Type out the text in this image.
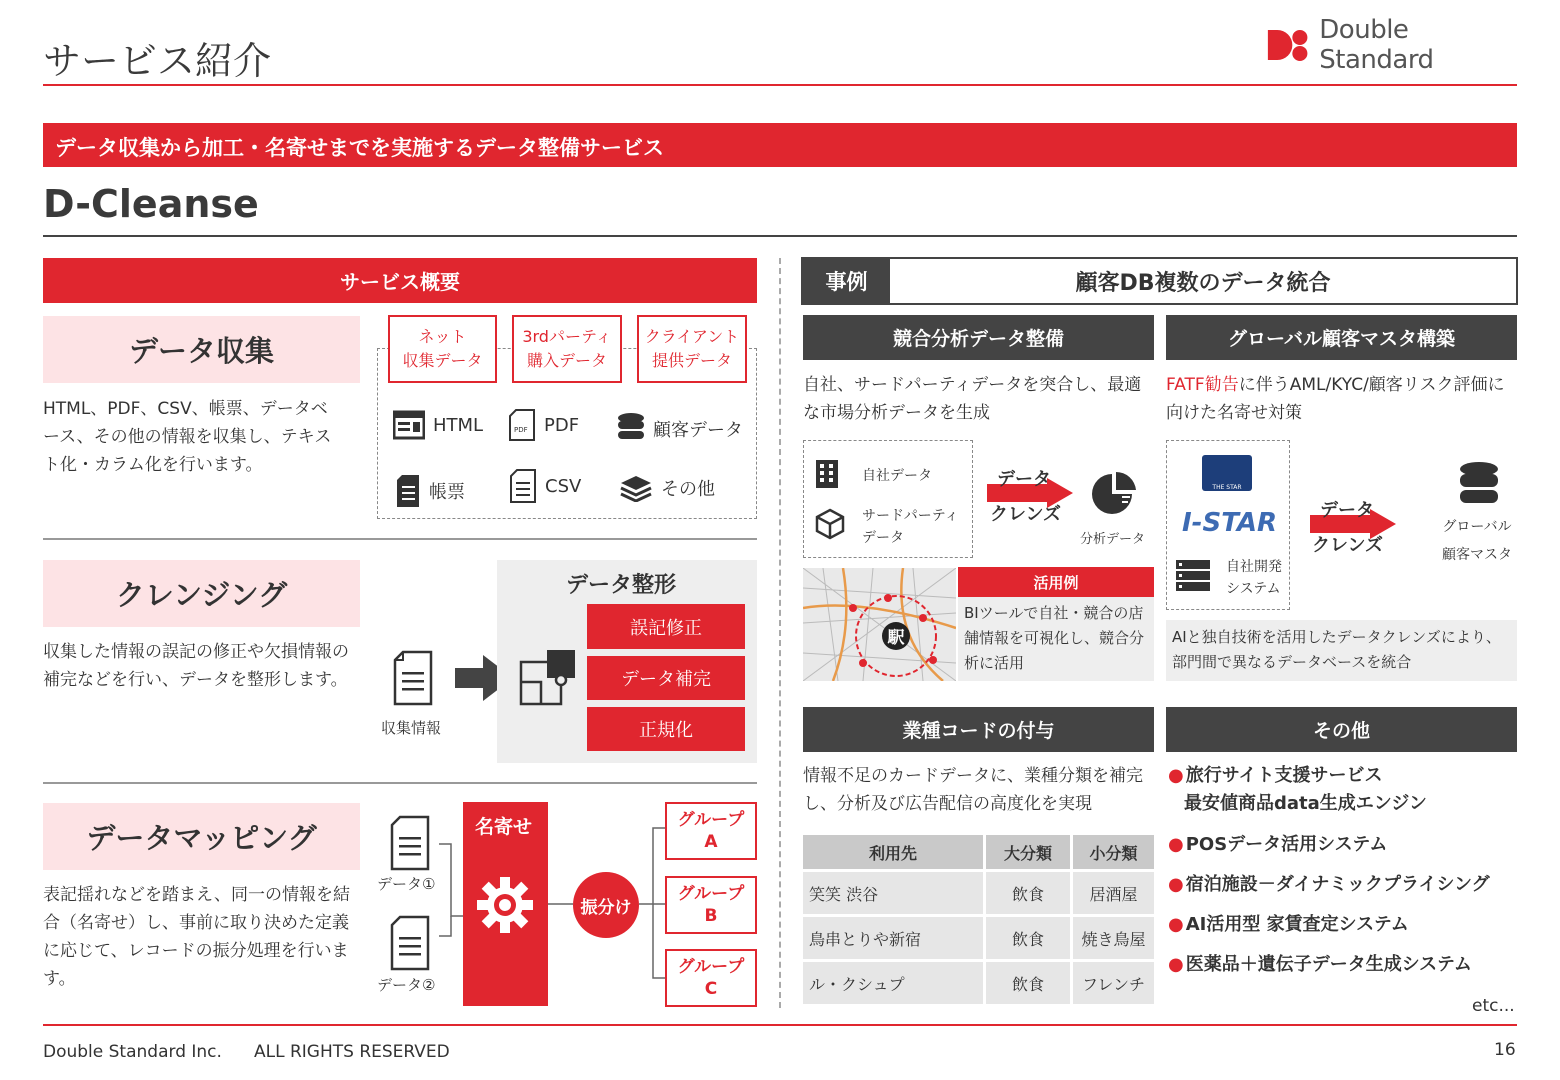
サービス紹介
Double Standard
データ収集から加工・名寄せまでを実施するデータ整備サービス
D-Cleanse
サービス概要
データ収集
HTML、PDF、CSV、帳票、データベース、その他の情報を収集し、テキスト化・カラム化を行います。
ネット
収集データ
3rdパーティ
購入データ
クライアント
提供データ
HTML	PDF PDF	顧客データ
帳票	CSV	その他
クレンジング
収集した情報の誤記の修正や欠損情報の補完などを行い、データを整形します。
収集情報
データ整形
誤記修正
データ補完
正規化
データマッピング
表記揺れなどを踏まえ、同一の情報を結合（名寄せ）し、事前に取り決めた定義に応じて、レコードの振分処理を行います。
データ①
データ②
名寄せ
振分け
グループ
A
グループ
B
グループ
C
事例	顧客DB複数のデータ統合
競合分析データ整備
自社、サードパーティデータを突合し、最適な市場分析データを生成
自社データ
サードパーティ
データ
データ
クレンズ
分析データ
駅
活用例
BIツールで自社・競合の店舗情報を可視化し、競合分析に活用
グローバル顧客マスタ構築
FATF勧告に伴うAML/KYC/顧客リスク評価に向けた名寄せ対策
THE STAR
I-STAR
自社開発
システム
データ
クレンズ
グローバル
顧客マスタ
AIと独自技術を活用したデータクレンズにより、部門間で異なるデータベースを統合
業種コードの付与
情報不足のカードデータに、業種分類を補完し、分析及び広告配信の高度化を実現
利用先	大分類	小分類
笑笑 渋谷	飲食	居酒屋
鳥串とりや新宿	飲食	焼き鳥屋
ル・クシュプ	飲食	フレンチ
その他
● 旅行サイト支援サービス
最安値商品data生成エンジン
● POSデータ活用システム
● 宿泊施設－ダイナミックプライシング
● AI活用型 家賃査定システム
● 医薬品＋遺伝子データ生成システム
etc...
Double Standard Inc. ALL RIGHTS RESERVED	16
